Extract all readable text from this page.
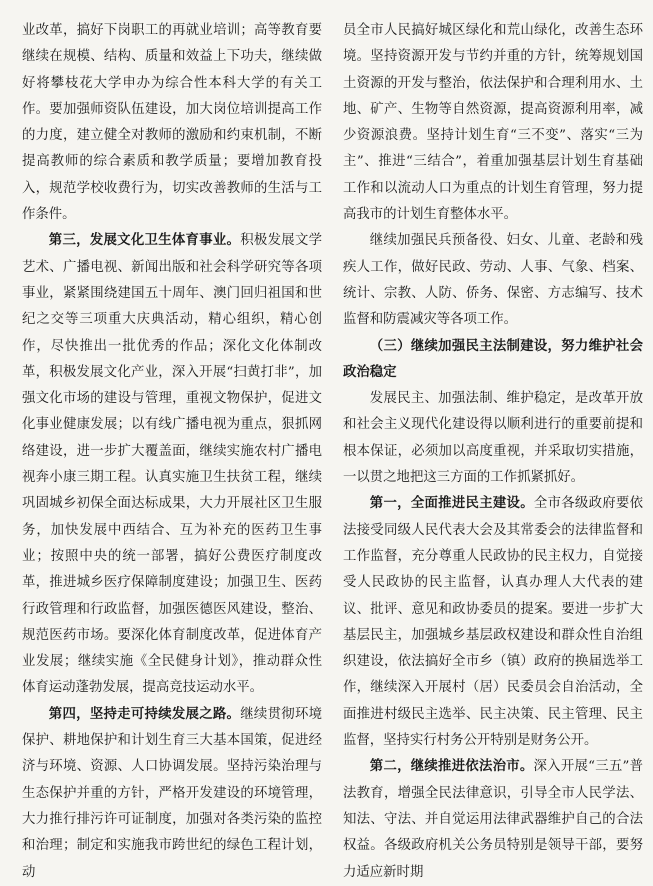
业改革，搞好下岗职工的再就业培训；高等教育要继续在规模、结构、质量和效益上下功夫，继续做好将攀枝花大学申办为综合性本科大学的有关工作。要加强师资队伍建设，加大岗位培训提高工作的力度，建立健全对教师的激励和约束机制，不断提高教师的综合素质和教学质量；要增加教育投入，规范学校收费行为，切实改善教师的生活与工作条件。

第三，发展文化卫生体育事业。积极发展文学艺术、广播电视、新闻出版和社会科学研究等各项事业，紧紧围绕建国五十周年、澳门回归祖国和世纪之交等三项重大庆典活动，精心组织，精心创作，尽快推出一批优秀的作品；深化文化体制改革，积极发展文化产业，深入开展“扫黄打非”，加强文化市场的建设与管理，重视文物保护，促进文化事业健康发展；以有线广播电视为重点，狠抓网络建设，进一步扩大覆盖面，继续实施农村广播电视奔小康三期工程。认真实施卫生扶贫工程，继续巩固城乡初保全面达标成果，大力开展社区卫生服务，加快发展中西结合、互为补充的医药卫生事业；按照中央的统一部署，搞好公费医疗制度改革，推进城乡医疗保障制度建设；加强卫生、医药行政管理和行政监督，加强医德医风建设，整治、规范医药市场。要深化体育制度改革，促进体育产业发展；继续实施《全民健身计划》，推动群众性体育运动蓬勃发展，提高竞技运动水平。

第四，坚持走可持续发展之路。继续贯彻环境保护、耕地保护和计划生育三大基本国策，促进经济与环境、资源、人口协调发展。坚持污染治理与生态保护并重的方针，严格开发建设的环境管理，大力推行排污许可证制度，加强对各类污染的监控和治理；制定和实施我市跨世纪的绿色工程计划，动

员全市人民搞好城区绿化和荒山绿化，改善生态环境。坚持资源开发与节约并重的方针，统筹规划国土资源的开发与整治，依法保护和合理利用水、土地、矿产、生物等自然资源，提高资源利用率，减少资源浪费。坚持计划生育“三不变”、落实“三为主”、推进“三结合”，着重加强基层计划生育基础工作和以流动人口为重点的计划生育管理，努力提高我市的计划生育整体水平。

继续加强民兵预备役、妇女、儿童、老龄和残疾人工作，做好民政、劳动、人事、气象、档案、统计、宗教、人防、侨务、保密、方志编写、技术监督和防震减灾等各项工作。

（三）继续加强民主法制建设，努力维护社会政治稳定

发展民主、加强法制、维护稳定，是改革开放和社会主义现代化建设得以顺利进行的重要前提和根本保证，必须加以高度重视，并采取切实措施，一以贯之地把这三方面的工作抓紧抓好。

第一，全面推进民主建设。全市各级政府要依法接受同级人民代表大会及其常委会的法律监督和工作监督，充分尊重人民政协的民主权力，自觉接受人民政协的民主监督，认真办理人大代表的建议、批评、意见和政协委员的提案。要进一步扩大基层民主，加强城乡基层政权建设和群众性自治组织建设，依法搞好全市乡（镇）政府的换届选举工作，继续深入开展村（居）民委员会自治活动，全面推进村级民主选举、民主决策、民主管理、民主监督，坚持实行村务公开特别是财务公开。

第二，继续推进依法治市。深入开展“三五”普法教育，增强全民法律意识，引导全市人民学法、知法、守法、并自觉运用法律武器维护自己的合法权益。各级政府机关公务员特别是领导干部，要努力适应新时期
